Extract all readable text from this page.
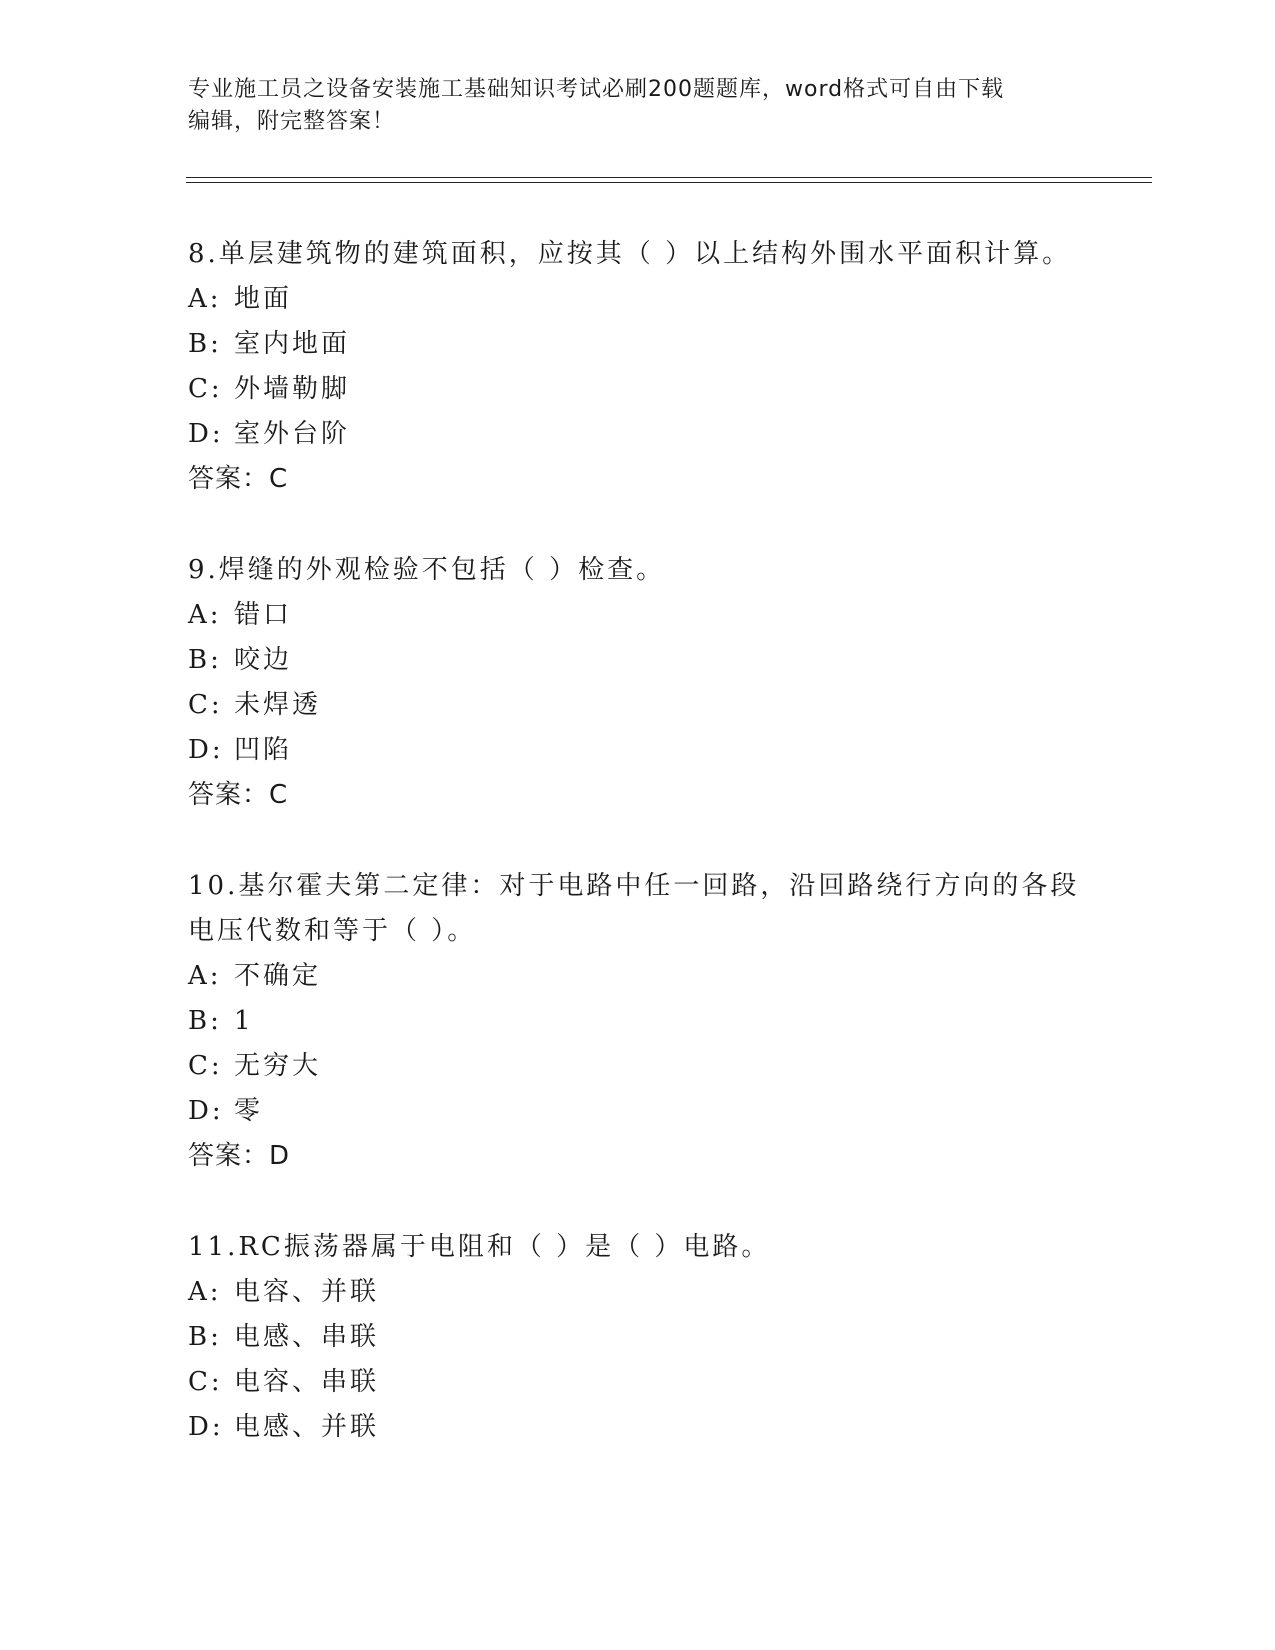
专业施工员之设备安装施工基础知识考试必刷200题题库，word格式可自由下载
编辑，附完整答案！

8.单层建筑物的建筑面积，应按其（ ）以上结构外围水平面积计算。

A: 地面

B: 室内地面

C: 外墙勒脚

D: 室外台阶

答案：C

9.焊缝的外观检验不包括（ ）检查。

A: 错口

B: 咬边

C: 未焊透

D: 凹陷

答案：C

10.基尔霍夫第二定律：对于电路中任一回路，沿回路绕行方向的各段

电压代数和等于（ ）。

A: 不确定

B: 1

C: 无穷大

D: 零

答案：D

11.RC振荡器属于电阻和（ ）是（ ）电路。

A: 电容、并联

B: 电感、串联

C: 电容、串联

D: 电感、并联
